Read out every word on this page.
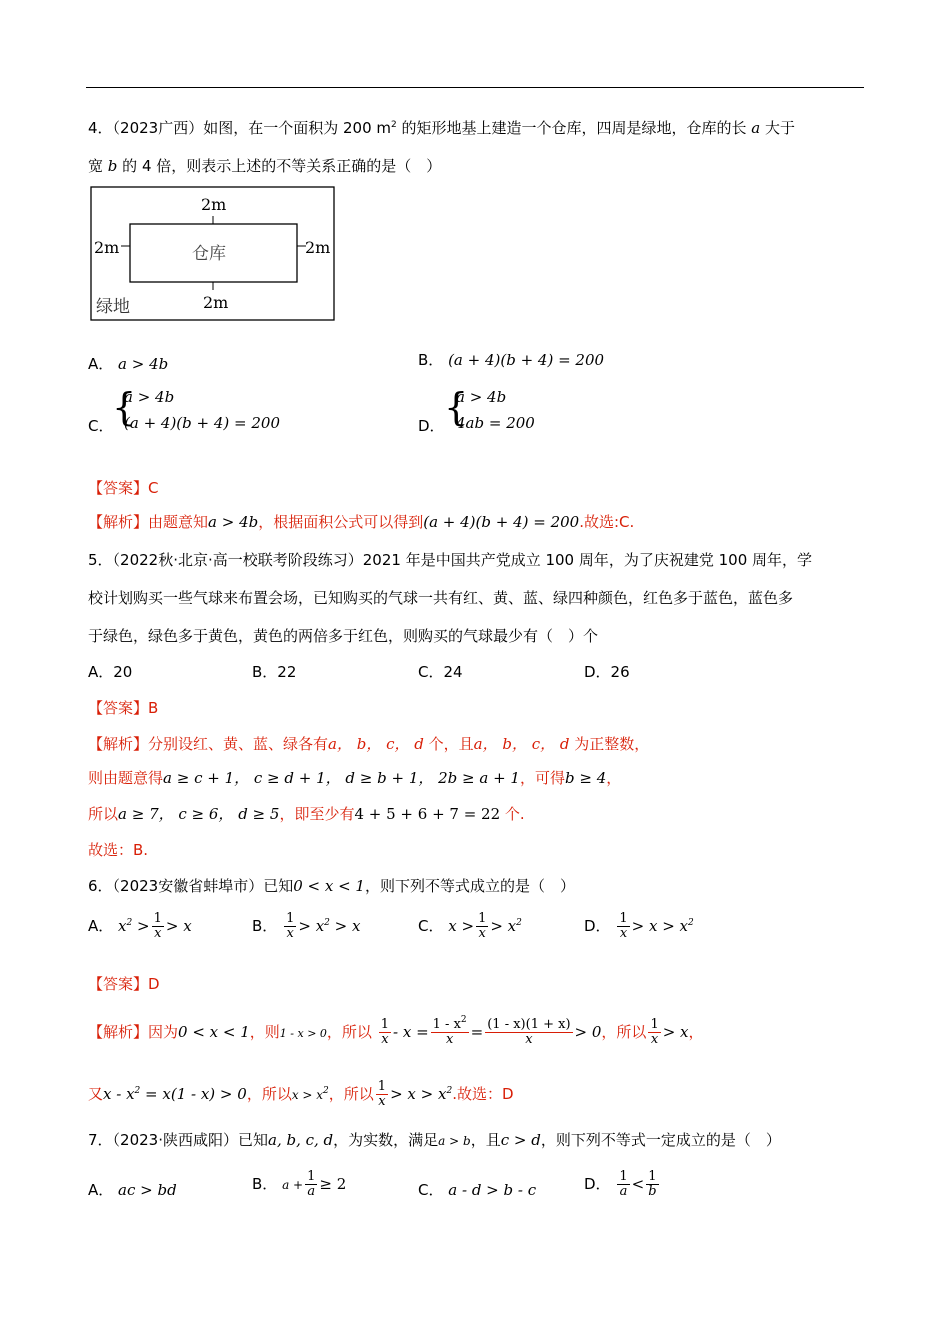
4．（2023广西）如图，在一个面积为 200 $m^2$ 的矩形地基上建造一个仓库，四周是绿地，仓库的长 a 大于
宽 b 的 4 倍，则表示上述的不等关系正确的是（　）
2m
2m	2m
2m
仓库
绿地
A． a > 4b	B． (a + 4)(b + 4) = 200
C．
{
a > 4b
(a + 4)(b + 4) = 200	D． {
a > 4b
4ab = 200
【答案】C
【解析】由题意知a > 4b，根据面积公式可以得到(a + 4)(b + 4) = 200.故选:C.
5．（2022秋·北京·高一校联考阶段练习）2021 年是中国共产党成立 100 周年，为了庆祝建党 100 周年，学
校计划购买一些气球来布置会场，已知购买的气球一共有红、黄、蓝、绿四种颜色，红色多于蓝色，蓝色多
于绿色，绿色多于黄色，黄色的两倍多于红色，则购买的气球最少有（　）个
A．20	B．22	C．24	D．26
【答案】B
【解析】分别设红、黄、蓝、绿各有a， b， c， d 个，且a， b， c， d 为正整数，
则由题意得a ≥ c + 1， c ≥ d + 1， d ≥ b + 1， 2b ≥ a + 1，可得b ≥ 4，
所以a ≥ 7， c ≥ 6， d ≥ 5，即至少有4 + 5 + 6 + 7 = 22 个.
故选：B.
6．（2023安徽省蚌埠市）已知0 < x < 1，则下列不等式成立的是（　）
A． $x^2 > \frac{1}{x} > x$	B． $\frac{1}{x} > x^2 > x$	C． $x > \frac{1}{x} > x^2$	D． $\frac{1}{x} > x > x^2$
【答案】D
【解析】因为0 < x < 1，则1 - x > 0，所以 $\frac{1}{x} - x = \frac{1 - x^2}{x} = \frac{(1 - x)(1 + x)}{x} > 0$，所以 $\frac{1}{x} > x$，
又$x - x^2 = x(1 - x) > 0$，所以$x > x^2$，所以 $\frac{1}{x} > x > x^2$.故选：D
7．（2023·陕西咸阳）已知a, b, c, d，为实数，满足a > b，且c > d，则下列不等式一定成立的是（　）
A． ac > bd	B． $a + \frac{1}{a} \ge 2$	C． a - d > b - c	D． $\frac{1}{a} < \frac{1}{b}$
